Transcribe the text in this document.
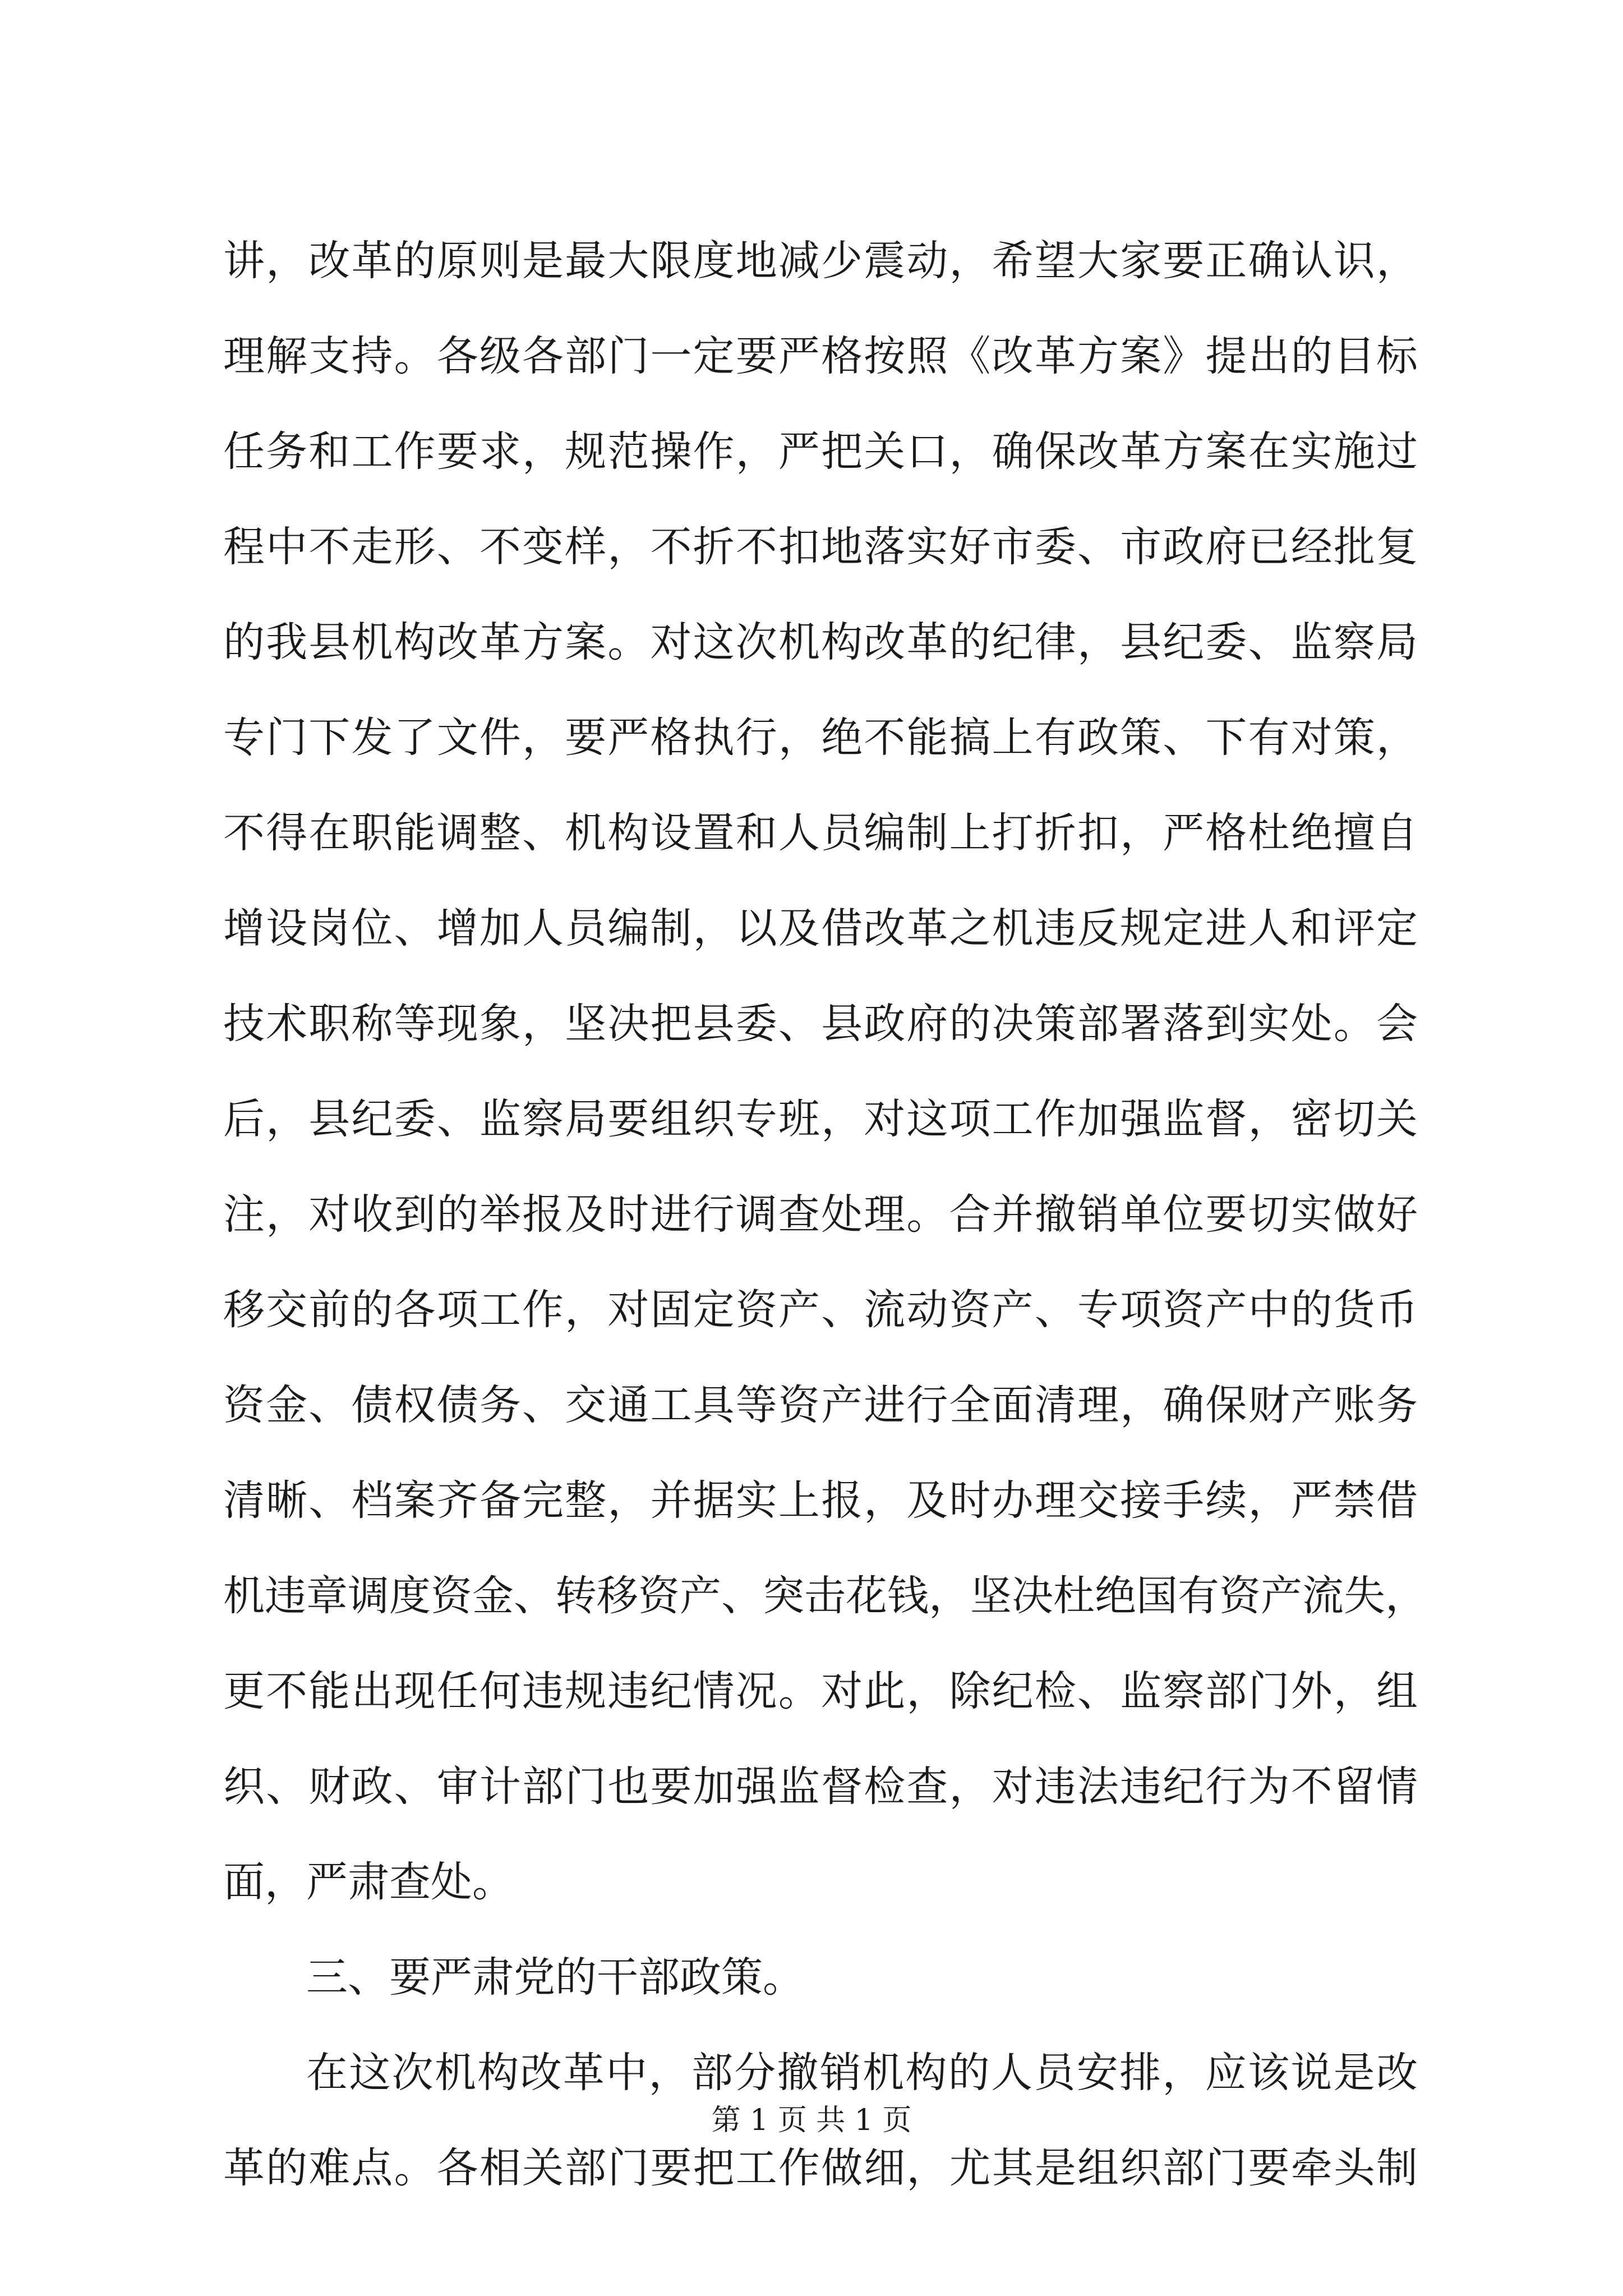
讲，改革的原则是最大限度地减少震动，希望大家要正确认识，

理解支持。各级各部门一定要严格按照《改革方案》提出的目标

任务和工作要求，规范操作，严把关口，确保改革方案在实施过

程中不走形、不变样，不折不扣地落实好市委、市政府已经批复

的我县机构改革方案。对这次机构改革的纪律，县纪委、监察局

专门下发了文件，要严格执行，绝不能搞上有政策、下有对策，

不得在职能调整、机构设置和人员编制上打折扣，严格杜绝擅自

增设岗位、增加人员编制，以及借改革之机违反规定进人和评定

技术职称等现象，坚决把县委、县政府的决策部署落到实处。会

后，县纪委、监察局要组织专班，对这项工作加强监督，密切关

注，对收到的举报及时进行调查处理。合并撤销单位要切实做好

移交前的各项工作，对固定资产、流动资产、专项资产中的货币

资金、债权债务、交通工具等资产进行全面清理，确保财产账务

清晰、档案齐备完整，并据实上报，及时办理交接手续，严禁借

机违章调度资金、转移资产、突击花钱，坚决杜绝国有资产流失，

更不能出现任何违规违纪情况。对此，除纪检、监察部门外，组

织、财政、审计部门也要加强监督检查，对违法违纪行为不留情

面，严肃查处。

三、要严肃党的干部政策。

在这次机构改革中，部分撤销机构的人员安排，应该说是改

革的难点。各相关部门要把工作做细，尤其是组织部门要牵头制

第 1 页 共 1 页
